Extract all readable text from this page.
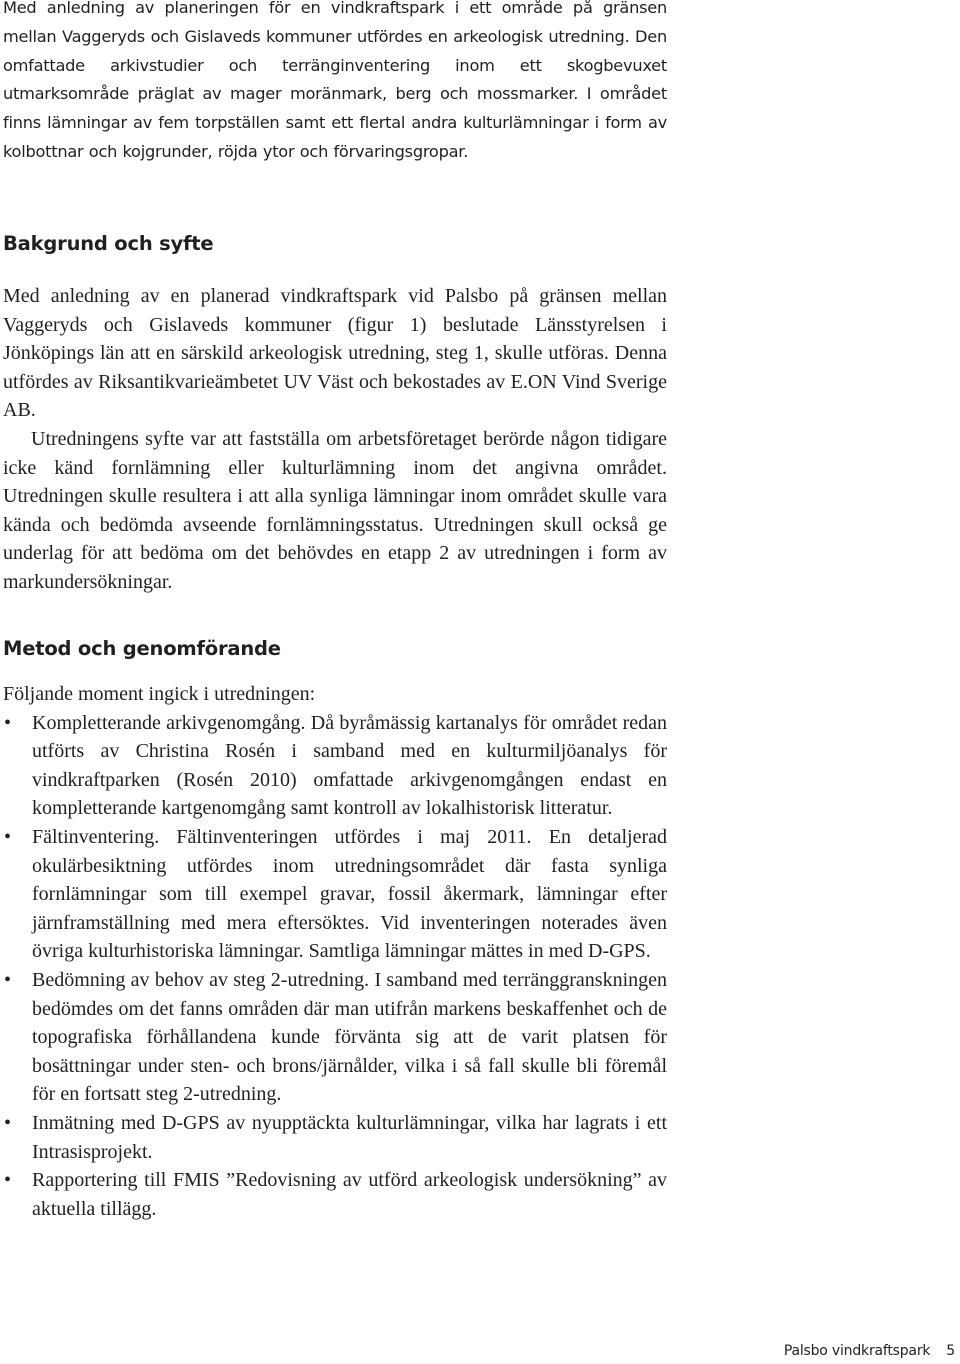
Med anledning av planeringen för en vindkraftspark i ett område på gränsen mellan Vaggeryds och Gislaveds kommuner utfördes en arkeologisk utredning. Den omfattade arkivstudier och terränginventering inom ett skogbevuxet utmarksområde präglat av mager moränmark, berg och mossmarker. I området finns lämningar av fem torpställen samt ett flertal andra kulturlämningar i form av kolbottnar och kojgrunder, röjda ytor och förvaringsgropar.

Bakgrund och syfte

Med anledning av en planerad vindkraftspark vid Palsbo på gränsen mellan Vaggeryds och Gislaveds kommuner (figur 1) beslutade Länsstyrelsen i Jönköpings län att en särskild arkeologisk utredning, steg 1, skulle utföras. Denna utfördes av Riksantikvarieämbetet UV Väst och bekostades av E.ON Vind Sverige AB.

Utredningens syfte var att fastställa om arbetsföretaget berörde någon tidigare icke känd fornlämning eller kulturlämning inom det angivna området. Utredningen skulle resultera i att alla synliga lämningar inom området skulle vara kända och bedömda avseende fornlämningsstatus. Utredningen skull också ge underlag för att bedöma om det behövdes en etapp 2 av utredningen i form av markundersökningar.

Metod och genomförande

Följande moment ingick i utredningen:

• Kompletterande arkivgenomgång. Då byråmässig kartanalys för området redan utförts av Christina Rosén i samband med en kulturmiljöanalys för vindkraftparken (Rosén 2010) omfattade arkivgenomgången endast en kompletterande kartgenomgång samt kontroll av lokalhistorisk litteratur.
• Fältinventering. Fältinventeringen utfördes i maj 2011. En detaljerad okulärbesiktning utfördes inom utredningsområdet där fasta synliga fornlämningar som till exempel gravar, fossil åkermark, lämningar efter järnframställning med mera eftersöktes. Vid inventeringen noterades även övriga kulturhistoriska lämningar. Samtliga lämningar mättes in med D-GPS.
• Bedömning av behov av steg 2-utredning. I samband med terränggranskningen bedömdes om det fanns områden där man utifrån markens beskaffenhet och de topografiska förhållandena kunde förvänta sig att de varit platsen för bosättningar under sten- och brons/järnålder, vilka i så fall skulle bli föremål för en fortsatt steg 2-utredning.
• Inmätning med D-GPS av nyupptäckta kulturlämningar, vilka har lagrats i ett Intrasisprojekt.
• Rapportering till FMIS ”Redovisning av utförd arkeologisk undersökning” av aktuella tillägg.
Palsbo vindkraftspark 5
